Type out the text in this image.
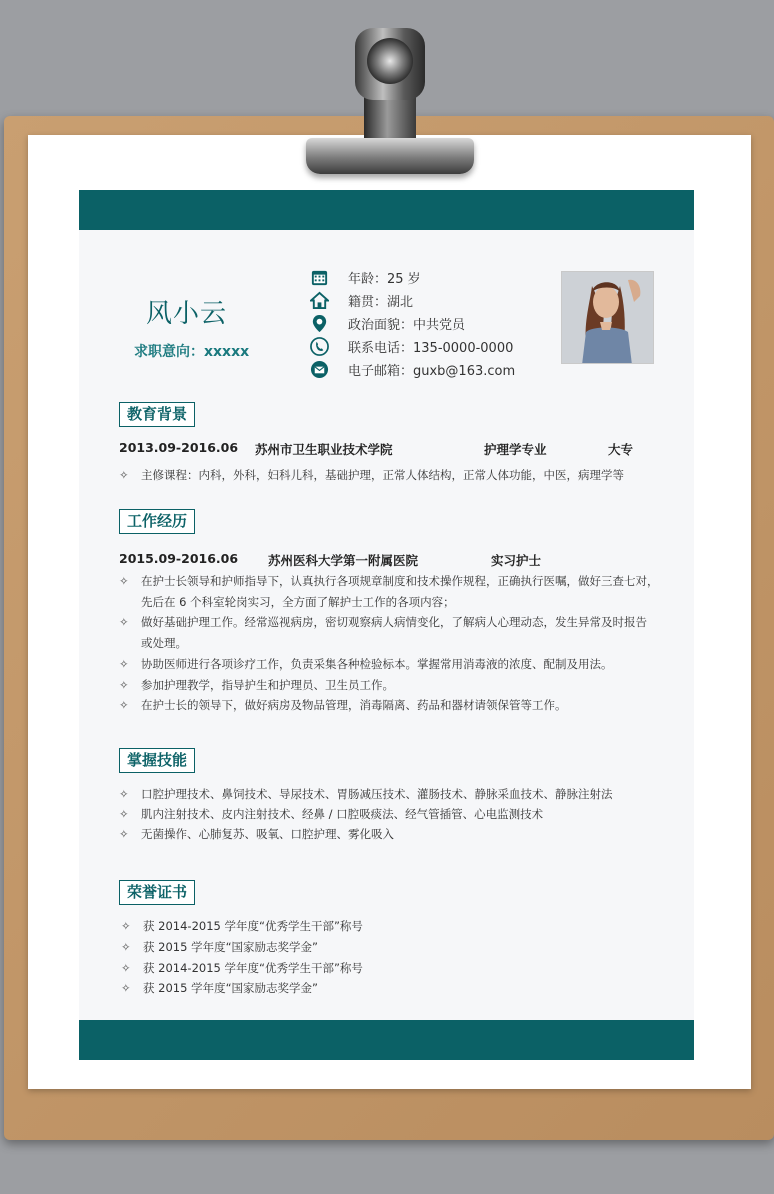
风小云
求职意向：xxxxx
年龄：25 岁
籍贯：湖北
政治面貌：中共党员
联系电话：135-0000-0000
电子邮箱：guxb@163.com
教育背景
2013.09-2016.06 苏州市卫生职业技术学院	护理学专业	大专
✧ 主修课程：内科，外科，妇科儿科，基础护理，正常人体结构，正常人体功能，中医，病理学等
工作经历
2015.09-2016.06 苏州医科大学第一附属医院	实习护士
✧ 在护士长领导和护师指导下，认真执行各项规章制度和技术操作规程，正确执行医嘱，做好三查七对，
先后在 6 个科室轮岗实习，全方面了解护士工作的各项内容；
✧ 做好基础护理工作。经常巡视病房，密切观察病人病情变化，了解病人心理动态，发生异常及时报告
或处理。
✧ 协助医师进行各项诊疗工作，负责采集各种检验标本。掌握常用消毒液的浓度、配制及用法。
✧ 参加护理教学，指导护生和护理员、卫生员工作。
✧ 在护士长的领导下，做好病房及物品管理，消毒隔离、药品和器材请领保管等工作。
掌握技能
✧ 口腔护理技术、鼻饲技术、导尿技术、胃肠减压技术、灌肠技术、静脉采血技术、静脉注射法
✧ 肌内注射技术、皮内注射技术、经鼻 / 口腔吸痰法、经气管插管、心电监测技术
✧ 无菌操作、心肺复苏、吸氧、口腔护理、雾化吸入
荣誉证书
✧ 获 2014-2015 学年度“优秀学生干部”称号
✧ 获 2015 学年度“国家励志奖学金”
✧ 获 2014-2015 学年度“优秀学生干部”称号
✧ 获 2015 学年度“国家励志奖学金”
